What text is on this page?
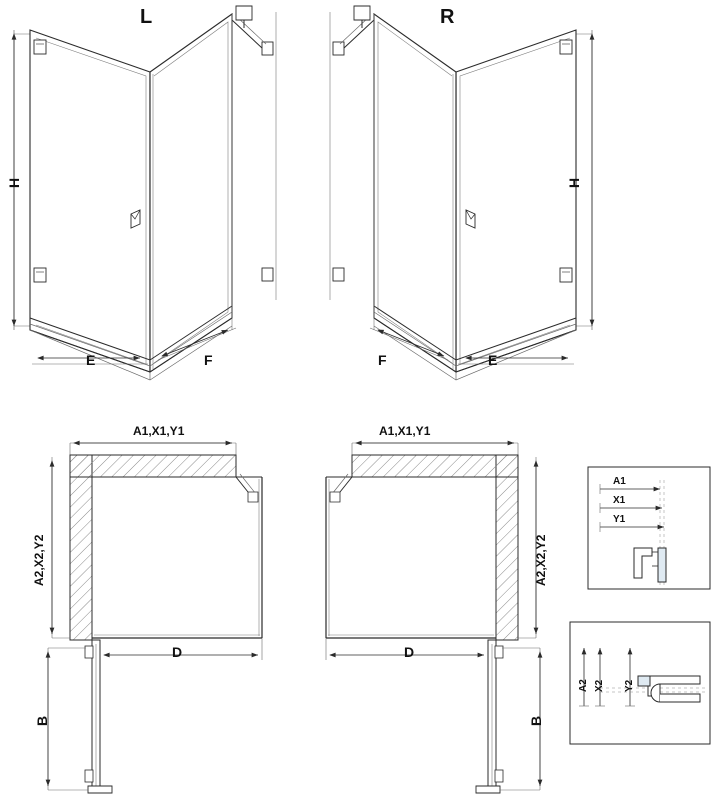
L	R
H	H
E	F	F	E
A1,X1,Y1	A1,X1,Y1
A2,X2,Y2	A2,X2,Y2
D	D
B	B
A1
X1
Y1
A2 X2 Y2
